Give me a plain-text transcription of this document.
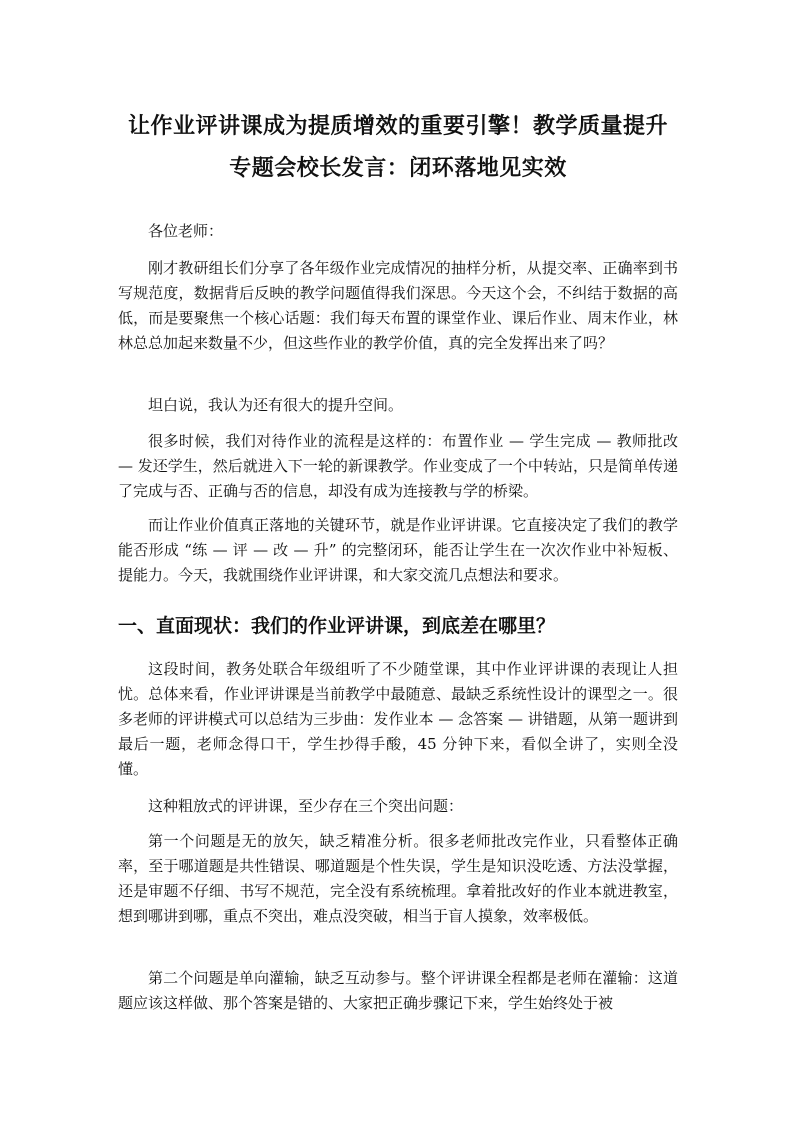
让作业评讲课成为提质增效的重要引擎！教学质量提升专题会校长发言：闭环落地见实效

各位老师：

刚才教研组长们分享了各年级作业完成情况的抽样分析，从提交率、正确率到书写规范度，数据背后反映的教学问题值得我们深思。今天这个会，不纠结于数据的高低，而是要聚焦一个核心话题：我们每天布置的课堂作业、课后作业、周末作业，林林总总加起来数量不少，但这些作业的教学价值，真的完全发挥出来了吗？

坦白说，我认为还有很大的提升空间。

很多时候，我们对待作业的流程是这样的：布置作业 — 学生完成 — 教师批改 — 发还学生，然后就进入下一轮的新课教学。作业变成了一个中转站，只是简单传递了完成与否、正确与否的信息，却没有成为连接教与学的桥梁。

而让作业价值真正落地的关键环节，就是作业评讲课。它直接决定了我们的教学能否形成 “练 — 评 — 改 — 升” 的完整闭环，能否让学生在一次次作业中补短板、提能力。今天，我就围绕作业评讲课，和大家交流几点想法和要求。

一、直面现状：我们的作业评讲课，到底差在哪里？

这段时间，教务处联合年级组听了不少随堂课，其中作业评讲课的表现让人担忧。总体来看，作业评讲课是当前教学中最随意、最缺乏系统性设计的课型之一。很多老师的评讲模式可以总结为三步曲：发作业本 — 念答案 — 讲错题，从第一题讲到最后一题，老师念得口干，学生抄得手酸，45 分钟下来，看似全讲了，实则全没懂。

这种粗放式的评讲课，至少存在三个突出问题：

第一个问题是无的放矢，缺乏精准分析。很多老师批改完作业，只看整体正确率，至于哪道题是共性错误、哪道题是个性失误，学生是知识没吃透、方法没掌握，还是审题不仔细、书写不规范，完全没有系统梳理。拿着批改好的作业本就进教室，想到哪讲到哪，重点不突出，难点没突破，相当于盲人摸象，效率极低。

第二个问题是单向灌输，缺乏互动参与。整个评讲课全程都是老师在灌输：这道题应该这样做、那个答案是错的、大家把正确步骤记下来，学生始终处于被
